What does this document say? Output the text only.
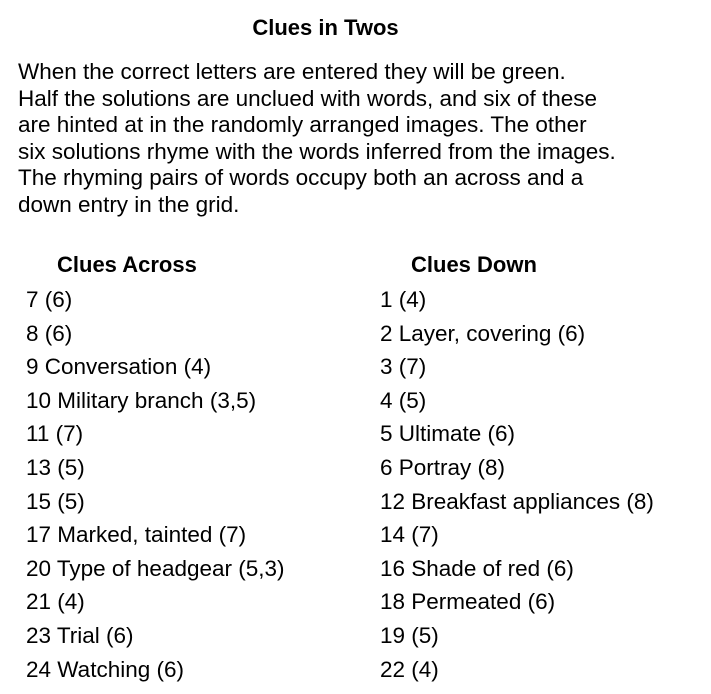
Clues in Twos
When the correct letters are entered they will be green.
Half the solutions are unclued with words, and six of these
are hinted at in the randomly arranged images. The other
six solutions rhyme with the words inferred from the images.
The rhyming pairs of words occupy both an across and a
down entry in the grid.
Clues Across	Clues Down
7 (6)
8 (6)
9 Conversation (4)
10 Military branch (3,5)
11 (7)
13 (5)
15 (5)
17 Marked, tainted (7)
20 Type of headgear (5,3)
21 (4)
23 Trial (6)
24 Watching (6)
1 (4)
2 Layer, covering (6)
3 (7)
4 (5)
5 Ultimate (6)
6 Portray (8)
12 Breakfast appliances (8)
14 (7)
16 Shade of red (6)
18 Permeated (6)
19 (5)
22 (4)
